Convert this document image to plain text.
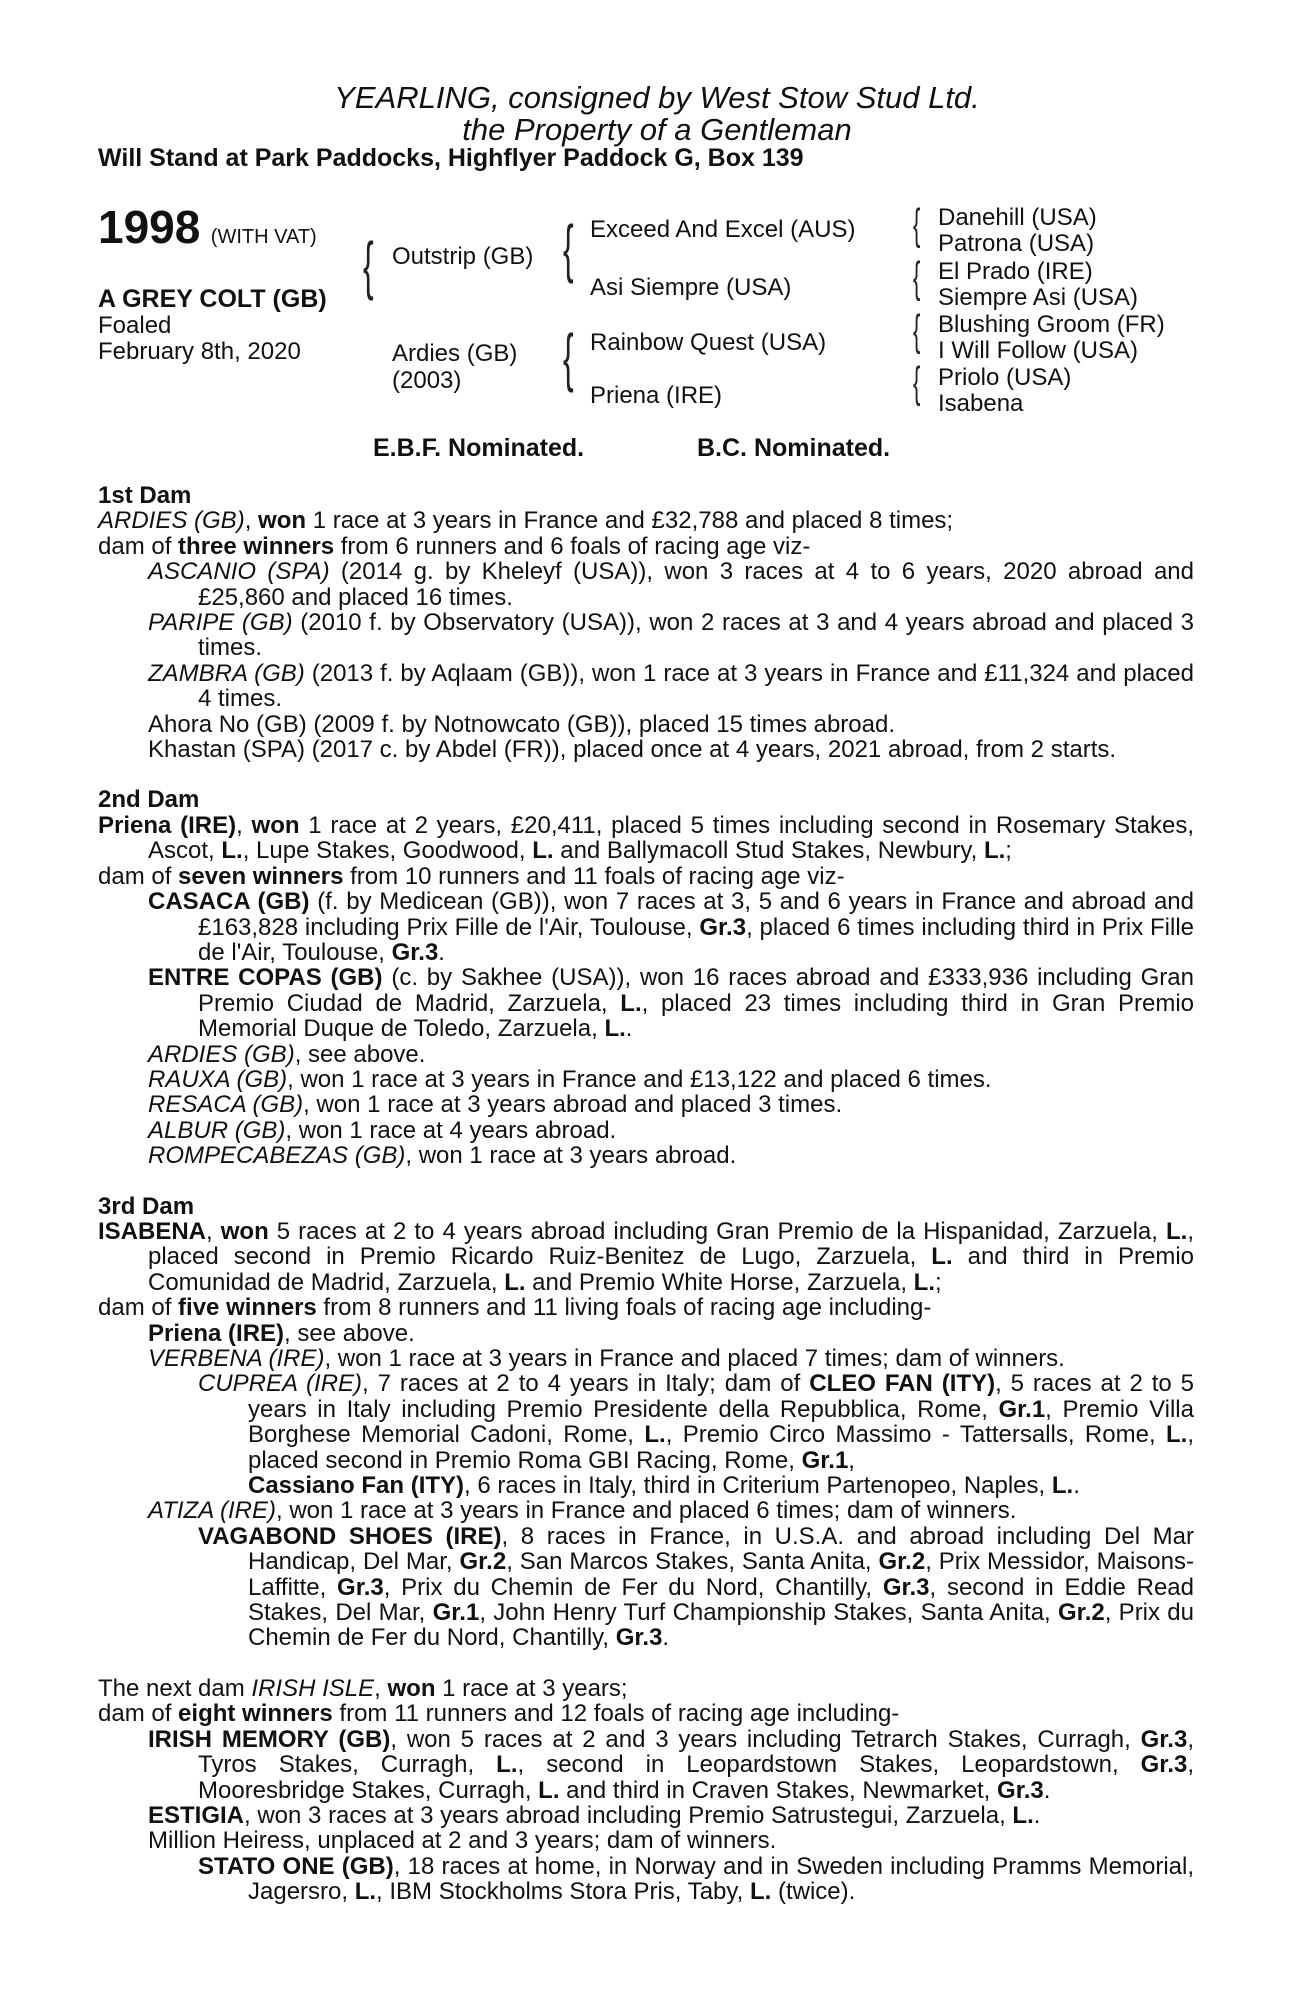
YEARLING, consigned by West Stow Stud Ltd.
the Property of a Gentleman
Will Stand at Park Paddocks, Highflyer Paddock G, Box 139
1998 (WITH VAT)
A GREY COLT (GB)
Foaled
February 8th, 2020
{	{
{
{
{
{
{
Outstrip (GB)
Ardies (GB)
(2003)
Exceed And Excel (AUS)
Asi Siempre (USA)
Rainbow Quest (USA)
Priena (IRE)
Danehill (USA)
Patrona (USA)
El Prado (IRE)
Siempre Asi (USA)
Blushing Groom (FR)
I Will Follow (USA)
Priolo (USA)
Isabena
E.B.F. Nominated.	B.C. Nominated.

1st Dam

ARDIES (GB), won 1 race at 3 years in France and £32,788 and placed 8 times;

dam of three winners from 6 runners and 6 foals of racing age viz-

ASCANIO (SPA) (2014 g. by Kheleyf (USA)), won 3 races at 4 to 6 years, 2020 abroad and £25,860 and placed 16 times.

PARIPE (GB) (2010 f. by Observatory (USA)), won 2 races at 3 and 4 years abroad and placed 3 times.

ZAMBRA (GB) (2013 f. by Aqlaam (GB)), won 1 race at 3 years in France and £11,324 and placed 4 times.

Ahora No (GB) (2009 f. by Notnowcato (GB)), placed 15 times abroad.

Khastan (SPA) (2017 c. by Abdel (FR)), placed once at 4 years, 2021 abroad, from 2 starts.

2nd Dam

Priena (IRE), won 1 race at 2 years, £20,411, placed 5 times including second in Rosemary Stakes, Ascot, L., Lupe Stakes, Goodwood, L. and Ballymacoll Stud Stakes, Newbury, L.;

dam of seven winners from 10 runners and 11 foals of racing age viz-

CASACA (GB) (f. by Medicean (GB)), won 7 races at 3, 5 and 6 years in France and abroad and £163,828 including Prix Fille de l'Air, Toulouse, Gr.3, placed 6 times including third in Prix Fille de l'Air, Toulouse, Gr.3.

ENTRE COPAS (GB) (c. by Sakhee (USA)), won 16 races abroad and £333,936 including Gran Premio Ciudad de Madrid, Zarzuela, L., placed 23 times including third in Gran Premio Memorial Duque de Toledo, Zarzuela, L..

ARDIES (GB), see above.

RAUXA (GB), won 1 race at 3 years in France and £13,122 and placed 6 times.

RESACA (GB), won 1 race at 3 years abroad and placed 3 times.

ALBUR (GB), won 1 race at 4 years abroad.

ROMPECABEZAS (GB), won 1 race at 3 years abroad.

3rd Dam

ISABENA, won 5 races at 2 to 4 years abroad including Gran Premio de la Hispanidad, Zarzuela, L., placed second in Premio Ricardo Ruiz-Benitez de Lugo, Zarzuela, L. and third in Premio Comunidad de Madrid, Zarzuela, L. and Premio White Horse, Zarzuela, L.;

dam of five winners from 8 runners and 11 living foals of racing age including-

Priena (IRE), see above.

VERBENA (IRE), won 1 race at 3 years in France and placed 7 times; dam of winners.

CUPREA (IRE), 7 races at 2 to 4 years in Italy; dam of CLEO FAN (ITY), 5 races at 2 to 5 years in Italy including Premio Presidente della Repubblica, Rome, Gr.1, Premio Villa Borghese Memorial Cadoni, Rome, L., Premio Circo Massimo - Tattersalls, Rome, L., placed second in Premio Roma GBI Racing, Rome, Gr.1,

Cassiano Fan (ITY), 6 races in Italy, third in Criterium Partenopeo, Naples, L..

ATIZA (IRE), won 1 race at 3 years in France and placed 6 times; dam of winners.

VAGABOND SHOES (IRE), 8 races in France, in U.S.A. and abroad including Del Mar Handicap, Del Mar, Gr.2, San Marcos Stakes, Santa Anita, Gr.2, Prix Messidor, Maisons-Laffitte, Gr.3, Prix du Chemin de Fer du Nord, Chantilly, Gr.3, second in Eddie Read Stakes, Del Mar, Gr.1, John Henry Turf Championship Stakes, Santa Anita, Gr.2, Prix du Chemin de Fer du Nord, Chantilly, Gr.3.

The next dam IRISH ISLE, won 1 race at 3 years;

dam of eight winners from 11 runners and 12 foals of racing age including-

IRISH MEMORY (GB), won 5 races at 2 and 3 years including Tetrarch Stakes, Curragh, Gr.3, Tyros Stakes, Curragh, L., second in Leopardstown Stakes, Leopardstown, Gr.3, Mooresbridge Stakes, Curragh, L. and third in Craven Stakes, Newmarket, Gr.3.

ESTIGIA, won 3 races at 3 years abroad including Premio Satrustegui, Zarzuela, L..

Million Heiress, unplaced at 2 and 3 years; dam of winners.

STATO ONE (GB), 18 races at home, in Norway and in Sweden including Pramms Memorial, Jagersro, L., IBM Stockholms Stora Pris, Taby, L. (twice).
